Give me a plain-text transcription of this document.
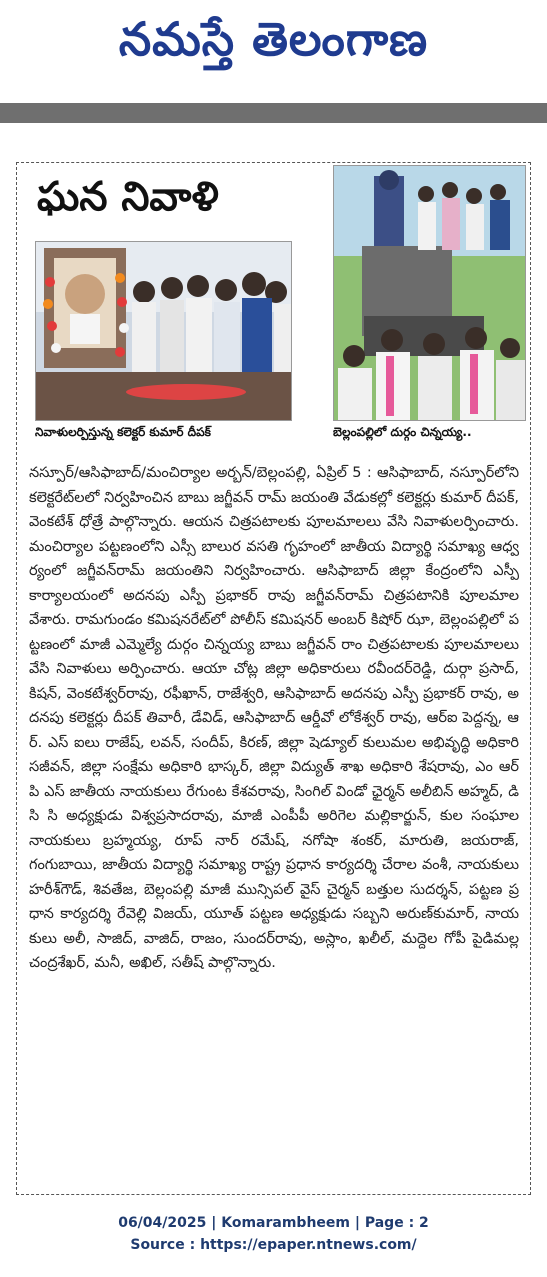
నమస్తే తెలంగాణ
ఘన నివాళి
నివాళులర్పిస్తున్న కలెక్టర్ కుమార్ దీపక్	బెల్లంపల్లిలో దుర్గం చిన్నయ్య..

నస్పూర్/ఆసిఫాబాద్/మంచిర్యాల అర్బన్/బెల్లంపల్లి, ఏప్రిల్ 5 : ఆసిఫాబాద్, నస్పూర్‌లోని కలెక్టరేట్‌లలో నిర్వహించిన బాబు జగ్జీవన్ రామ్ జయంతి వేడుకల్లో కలెక్టర్లు కుమార్ దీపక్, వెంకటేశ్ ధోత్రే పాల్గొన్నారు. ఆయన చిత్రపటాలకు పూలమాలలు వేసి నివాళులర్పించారు. మంచిర్యాల పట్టణంలోని ఎస్సీ బాలుర వసతి గృహంలో జాతీయ విద్యార్థి సమాఖ్య ఆధ్వర్యంలో జగ్జీవన్‌రామ్ జయంతిని నిర్వహించారు. ఆసిఫాబాద్ జిల్లా కేంద్రంలోని ఎస్పీ కార్యాలయంలో అదనపు ఎస్పీ ప్రభాకర్ రావు జగ్జీవన్‌రామ్ చిత్రపటానికి పూలమాల వేశారు. రామగుండం కమిషనరేట్‌లో పోలీస్ కమిషనర్ అంబర్ కిషోర్ ఝా, బెల్లంపల్లిలో పట్టణంలో మాజీ ఎమ్మెల్యే దుర్గం చిన్నయ్య బాబు జగ్జీవన్ రాం చిత్రపటాలకు పూలమాలలు వేసి నివాళులు అర్పించారు. ఆయా చోట్ల జిల్లా అధికారులు రవీందర్‌రెడ్డి, దుర్గా ప్రసాద్, కిషన్, వెంకటేశ్వర్‌రావు, రఫీఖాన్, రాజేశ్వరి, ఆసిఫాబాద్ అదనపు ఎస్పీ ప్రభాకర్ రావు, అదనపు కలెక్టర్లు దీపక్ తివారీ, డేవిడ్, ఆసిఫాబాద్ ఆర్డీవో లోకేశ్వర్ రావు, ఆర్ఐ పెద్దన్న, ఆర్. ఎస్ ఐలు రాజేష్, లవన్, సందీప్, కిరణ్, జిల్లా షెడ్యూల్ కులుమల అభివృద్ధి అధికారి సజీవన్, జిల్లా సంక్షేమ అధికారి భాస్కర్, జిల్లా విద్యుత్ శాఖ అధికారి శేషరావు, ఎం ఆర్ పి ఎస్ జాతీయ నాయకులు రేగుంట కేశవరావు, సింగిల్ విండో ఛైర్మన్ అలీబిన్ అహ్మద్, డి సి సి అధ్యక్షుడు విశ్వప్రసాదరావు, మాజీ ఎంపీపీ అరిగెల మల్లికార్జున్, కుల సంఘాల నాయకులు బ్రహ్మయ్య, రూప్ నార్ రమేష్, నగోషా శంకర్, మారుతి, జయరాజ్, గంగుబాయి, జాతీయ విద్యార్థి సమాఖ్య రాష్ట్ర ప్రధాన కార్యదర్శి చేరాల వంశీ, నాయకులు హరీశ్‌గౌడ్, శివతేజ, బెల్లంపల్లి మాజీ మున్సిపల్ వైస్ చైర్మన్ బత్తుల సుదర్శన్, పట్టణ ప్రధాన కార్యదర్శి రేవెల్లి విజయ్, యూత్ పట్టణ అధ్యక్షుడు సబ్బని అరుణ్‌కుమార్, నాయకులు అలీ, సాజిద్, వాజిద్, రాజం, సుందర్‌రావు, అస్లాం, ఖలీల్, మద్దెల గోపీ పైడిమల్ల చంద్రశేఖర్, మనీ, అఖిల్, సతీష్ పాల్గొన్నారు.

06/04/2025 | Komarambheem | Page : 2
Source : https://epaper.ntnews.com/
